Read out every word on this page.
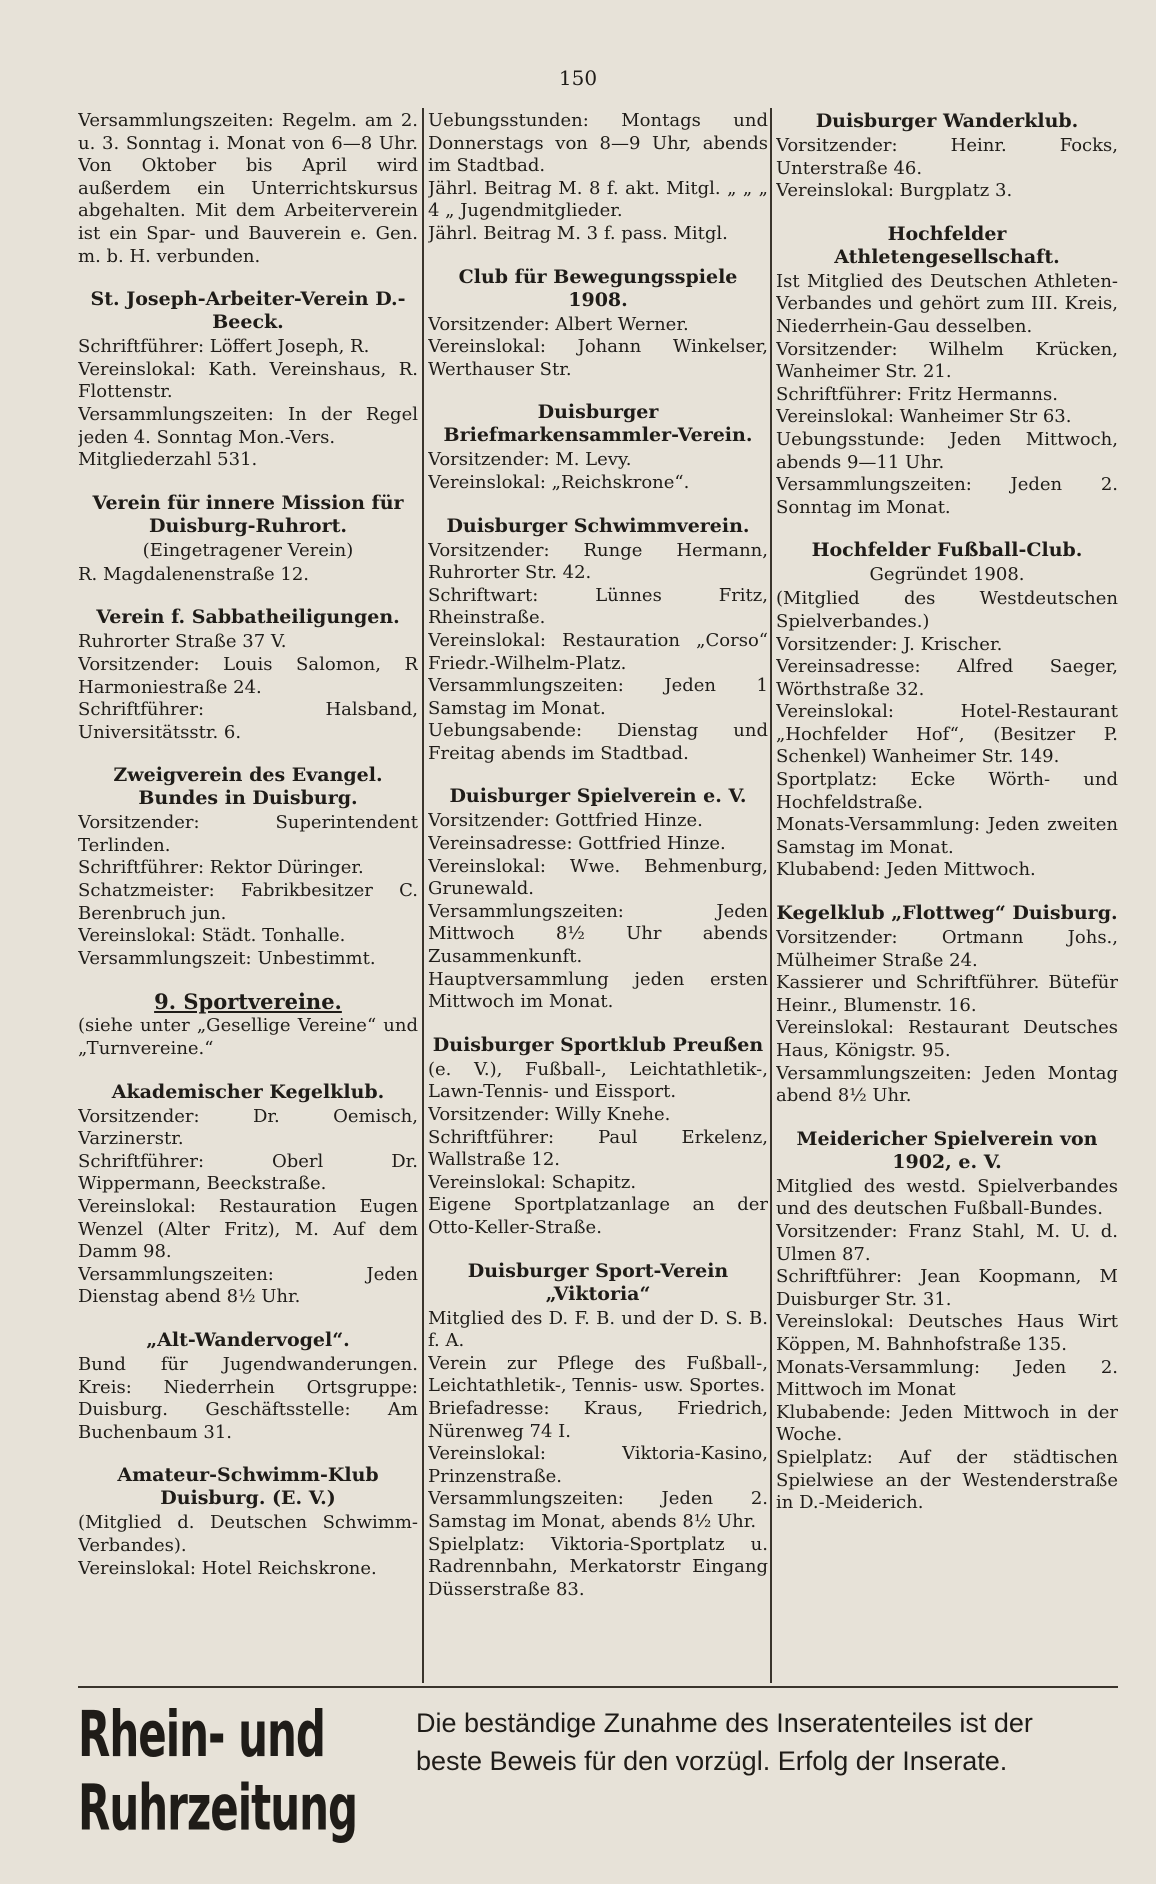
150

Versammlungszeiten: Regelm. am 2. u. 3. Sonntag i. Monat von 6—8 Uhr. Von Oktober bis April wird außerdem ein Unterrichtskursus abgehalten. Mit dem Arbeiterverein ist ein Spar- und Bauverein e. Gen. m. b. H. verbunden.

St. Joseph-Arbeiter-Verein D.-Beeck.

Schriftführer: Löffert Joseph, R.

Vereinslokal: Kath. Vereinshaus, R. Flottenstr.

Versammlungszeiten: In der Regel jeden 4. Sonntag Mon.-Vers.

Mitgliederzahl 531.

Verein für innere Mission für Duisburg-Ruhrort.
(Eingetragener Verein)

R. Magdalenenstraße 12.

Verein f. Sabbatheiligungen.

Ruhrorter Straße 37 V.

Vorsitzender: Louis Salomon, R Harmoniestraße 24.

Schriftführer: Halsband, Universitätsstr. 6.

Zweigverein des Evangel. Bundes in Duisburg.

Vorsitzender: Superintendent Terlinden.

Schriftführer: Rektor Düringer.

Schatzmeister: Fabrikbesitzer C. Berenbruch jun.

Vereinslokal: Städt. Tonhalle.

Versammlungszeit: Unbestimmt.

9. Sportvereine.

(siehe unter „Gesellige Vereine“ und „Turnvereine.“

Akademischer Kegelklub.

Vorsitzender: Dr. Oemisch, Varzinerstr.

Schriftführer: Oberl Dr. Wippermann, Beeckstraße.

Vereinslokal: Restauration Eugen Wenzel (Alter Fritz), M. Auf dem Damm 98.

Versammlungszeiten: Jeden Dienstag abend 8½ Uhr.

„Alt-Wandervogel“.

Bund für Jugendwanderungen. Kreis: Niederrhein Ortsgruppe: Duisburg. Geschäftsstelle: Am Buchenbaum 31.

Amateur-Schwimm-Klub Duisburg. (E. V.)

(Mitglied d. Deutschen Schwimm-Verbandes).

Vereinslokal: Hotel Reichskrone.

Uebungsstunden: Montags und Donnerstags von 8—9 Uhr, abends im Stadtbad.

Jährl. Beitrag M. 8 f. akt. Mitgl. „ „ „ 4 „ Jugendmitglieder.

Jährl. Beitrag M. 3 f. pass. Mitgl.

Club für Bewegungsspiele 1908.

Vorsitzender: Albert Werner.

Vereinslokal: Johann Winkelser, Werthauser Str.

Duisburger Briefmarkensammler-Verein.

Vorsitzender: M. Levy.

Vereinslokal: „Reichskrone“.

Duisburger Schwimmverein.

Vorsitzender: Runge Hermann, Ruhrorter Str. 42.

Schriftwart: Lünnes Fritz, Rheinstraße.

Vereinslokal: Restauration „Corso“ Friedr.-Wilhelm-Platz.

Versammlungszeiten: Jeden 1 Samstag im Monat.

Uebungsabende: Dienstag und Freitag abends im Stadtbad.

Duisburger Spielverein e. V.

Vorsitzender: Gottfried Hinze.

Vereinsadresse: Gottfried Hinze.

Vereinslokal: Wwe. Behmenburg, Grunewald.

Versammlungszeiten: Jeden Mittwoch 8½ Uhr abends Zusammenkunft. Hauptversammlung jeden ersten Mittwoch im Monat.

Duisburger Sportklub Preußen

(e. V.), Fußball-, Leichtathletik-, Lawn-Tennis- und Eissport.

Vorsitzender: Willy Knehe.

Schriftführer: Paul Erkelenz, Wallstraße 12.

Vereinslokal: Schapitz.

Eigene Sportplatzanlage an der Otto-Keller-Straße.

Duisburger Sport-Verein „Viktoria“

Mitglied des D. F. B. und der D. S. B. f. A.

Verein zur Pflege des Fußball-, Leichtathletik-, Tennis- usw. Sportes.

Briefadresse: Kraus, Friedrich, Nürenweg 74 I.

Vereinslokal: Viktoria-Kasino, Prinzenstraße.

Versammlungszeiten: Jeden 2. Samstag im Monat, abends 8½ Uhr.

Spielplatz: Viktoria-Sportplatz u. Radrennbahn, Merkatorstr Eingang Düsserstraße 83.

Duisburger Wanderklub.

Vorsitzender: Heinr. Focks, Unterstraße 46.

Vereinslokal: Burgplatz 3.

Hochfelder Athletengesellschaft.

Ist Mitglied des Deutschen Athleten-Verbandes und gehört zum III. Kreis, Niederrhein-Gau desselben.

Vorsitzender: Wilhelm Krücken, Wanheimer Str. 21.

Schriftführer: Fritz Hermanns.

Vereinslokal: Wanheimer Str 63.

Uebungsstunde: Jeden Mittwoch, abends 9—11 Uhr.

Versammlungszeiten: Jeden 2. Sonntag im Monat.

Hochfelder Fußball-Club.
Gegründet 1908.

(Mitglied des Westdeutschen Spielverbandes.)

Vorsitzender: J. Krischer.

Vereinsadresse: Alfred Saeger, Wörthstraße 32.

Vereinslokal: Hotel-Restaurant „Hochfelder Hof“, (Besitzer P. Schenkel) Wanheimer Str. 149.

Sportplatz: Ecke Wörth- und Hochfeldstraße.

Monats-Versammlung: Jeden zweiten Samstag im Monat.

Klubabend: Jeden Mittwoch.

Kegelklub „Flottweg“ Duisburg.

Vorsitzender: Ortmann Johs., Mülheimer Straße 24.

Kassierer und Schriftführer. Bütefür Heinr., Blumenstr. 16.

Vereinslokal: Restaurant Deutsches Haus, Königstr. 95.

Versammlungszeiten: Jeden Montag abend 8½ Uhr.

Meidericher Spielverein von 1902, e. V.

Mitglied des westd. Spielverbandes und des deutschen Fußball-Bundes.

Vorsitzender: Franz Stahl, M. U. d. Ulmen 87.

Schriftführer: Jean Koopmann, M Duisburger Str. 31.

Vereinslokal: Deutsches Haus Wirt Köppen, M. Bahnhofstraße 135.

Monats-Versammlung: Jeden 2. Mittwoch im Monat

Klubabende: Jeden Mittwoch in der Woche.

Spielplatz: Auf der städtischen Spielwiese an der Westenderstraße in D.-Meiderich.

Rhein- und Ruhrzeitung
Die beständige Zunahme des Inseratenteiles ist der
beste Beweis für den vorzügl. Erfolg der Inserate.
